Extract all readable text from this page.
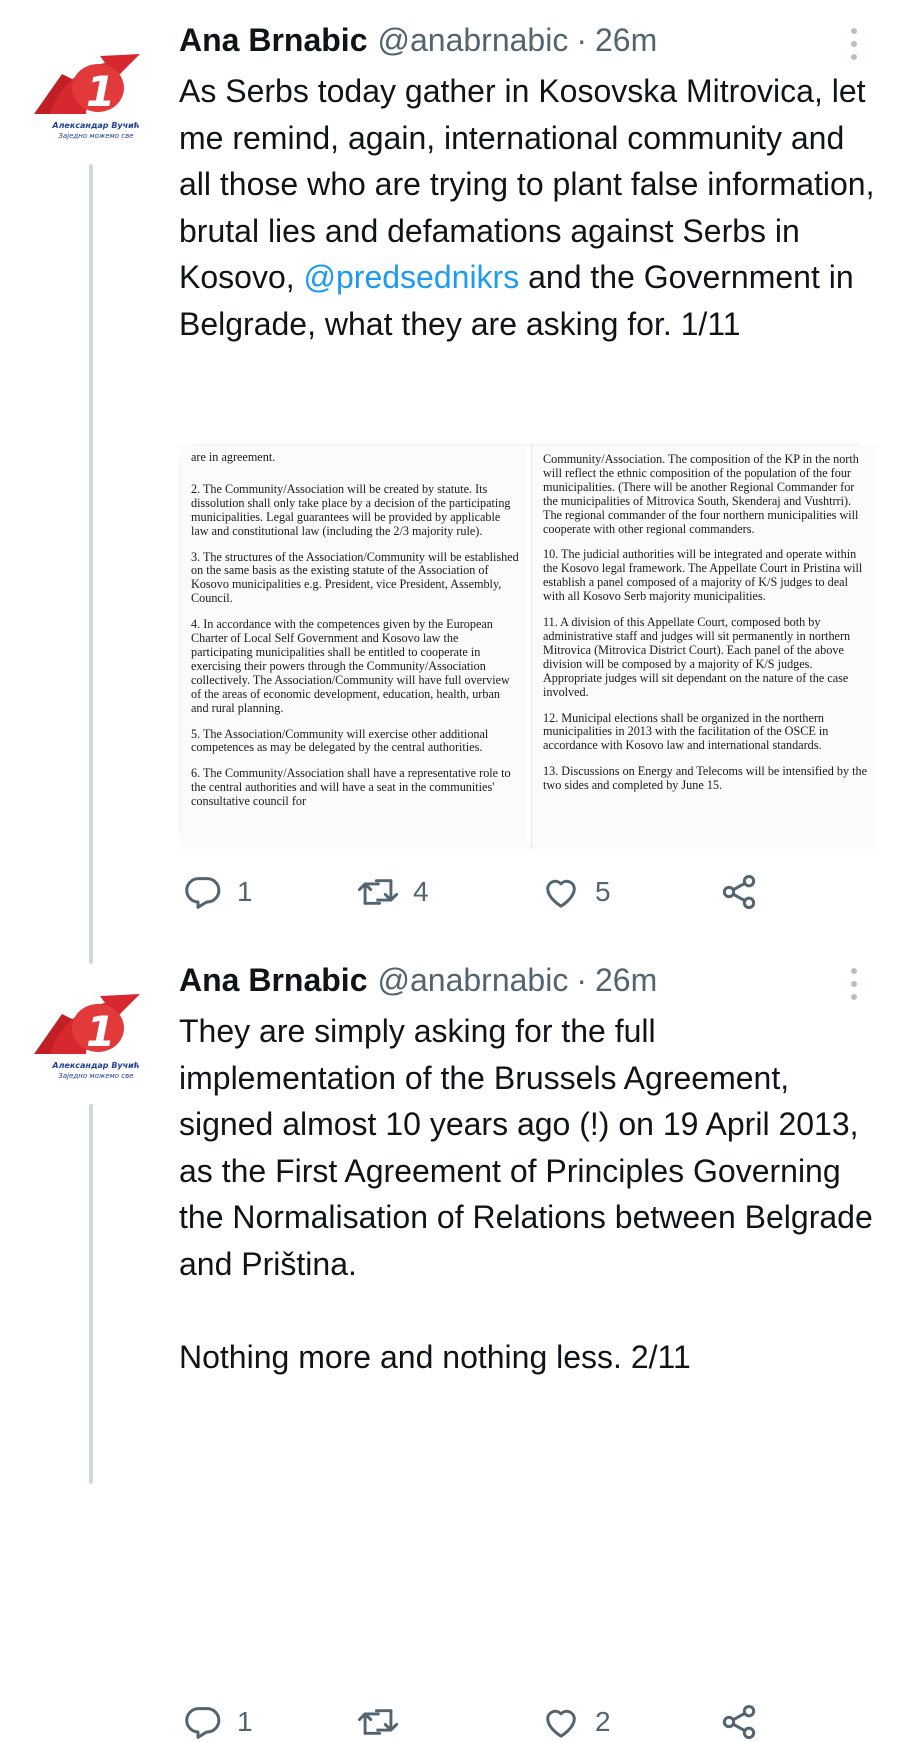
1
Александар Вучић
Заједно можемо све
Ana Brnabic @anabrnabic · 26m
As Serbs today gather in Kosovska Mitrovica, let me remind, again, international community and all those who are trying to plant false information, brutal lies and defamations against Serbs in Kosovo, @predsednikrs and the Government in Belgrade, what they are asking for. 1/11
are in agreement.
2. The Community/Association will be created by statute. Its dissolution shall only take place by a decision of the participating municipalities. Legal guarantees will be provided by applicable law and constitutional law (including the 2/3 majority rule).
3. The structures of the Association/Community will be established on the same basis as the existing statute of the Association of Kosovo municipalities e.g. President, vice President, Assembly, Council.
4. In accordance with the competences given by the European Charter of Local Self Government and Kosovo law the participating municipalities shall be entitled to cooperate in exercising their powers through the Community/Association collectively. The Association/Community will have full overview of the areas of economic development, education, health, urban and rural planning.
5. The Association/Community will exercise other additional competences as may be delegated by the central authorities.
6. The Community/Association shall have a representative role to the central authorities and will have a seat in the communities' consultative council for
Community/Association. The composition of the KP in the north will reflect the ethnic composition of the population of the four municipalities. (There will be another Regional Commander for the municipalities of Mitrovica South, Skenderaj and Vushtrri). The regional commander of the four northern municipalities will cooperate with other regional commanders.
10. The judicial authorities will be integrated and operate within the Kosovo legal framework. The Appellate Court in Pristina will establish a panel composed of a majority of K/S judges to deal with all Kosovo Serb majority municipalities.
11. A division of this Appellate Court, composed both by administrative staff and judges will sit permanently in northern Mitrovica (Mitrovica District Court). Each panel of the above division will be composed by a majority of K/S judges. Appropriate judges will sit dependant on the nature of the case involved.
12. Municipal elections shall be organized in the northern municipalities in 2013 with the facilitation of the OSCE in accordance with Kosovo law and international standards.
13. Discussions on Energy and Telecoms will be intensified by the two sides and completed by June 15.
1	4	5
1
Александар Вучић
Заједно можемо све
Ana Brnabic @anabrnabic · 26m
They are simply asking for the full implementation of the Brussels Agreement, signed almost 10 years ago (!) on 19 April 2013, as the First Agreement of Principles Governing the Normalisation of Relations between Belgrade and Priština.
Nothing more and nothing less. 2/11
1	2
